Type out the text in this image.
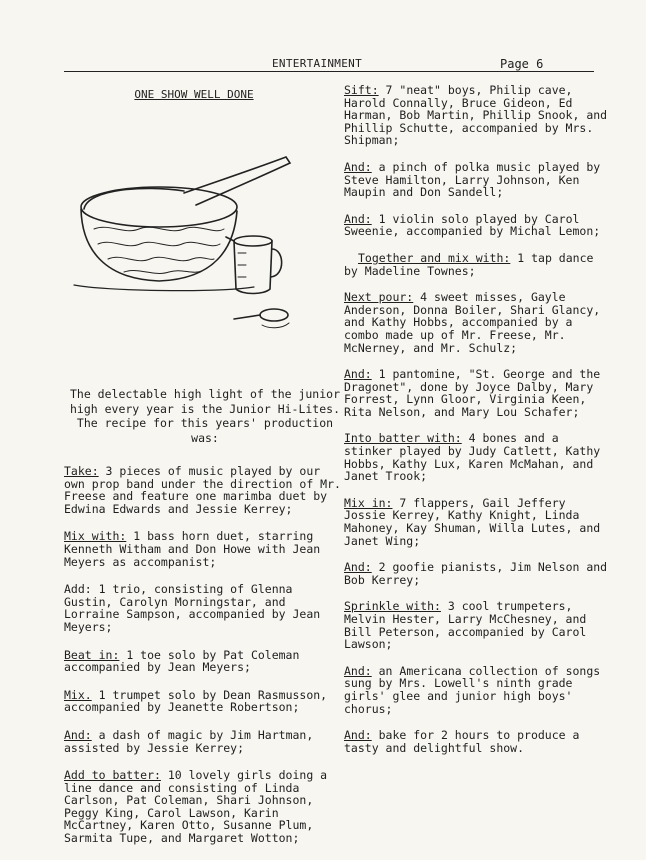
ENTERTAINMENT	Page 6
ONE SHOW WELL DONE
The delectable high light of the junior high every year is the Junior Hi-Lites. The recipe for this years' production was:

Take: 3 pieces of music played by our own prop band under the direction of Mr. Freese and feature one marimba duet by Edwina Edwards and Jessie Kerrey;

Mix with: 1 bass horn duet, starring Kenneth Witham and Don Howe with Jean Meyers as accompanist;

Add: 1 trio, consisting of Glenna Gustin, Carolyn Morningstar, and Lorraine Sampson, accompanied by Jean Meyers;

Beat in: 1 toe solo by Pat Coleman accompanied by Jean Meyers;

Mix. 1 trumpet solo by Dean Rasmusson, accompanied by Jeanette Robertson;

And: a dash of magic by Jim Hartman, assisted by Jessie Kerrey;

Add to batter: 10 lovely girls doing a line dance and consisting of Linda Carlson, Pat Coleman, Shari Johnson, Peggy King, Carol Lawson, Karin McCartney, Karen Otto, Susanne Plum, Sarmita Tupe, and Margaret Wotton;

Sift: 7 "neat" boys, Philip cave, Harold Connally, Bruce Gideon, Ed Harman, Bob Martin, Phillip Snook, and Phillip Schutte, accompanied by Mrs. Shipman;

And: a pinch of polka music played by Steve Hamilton, Larry Johnson, Ken Maupin and Don Sandell;

And: 1 violin solo played by Carol Sweenie, accompanied by Michal Lemon;

Together and mix with: 1 tap dance by Madeline Townes;

Next pour: 4 sweet misses, Gayle Anderson, Donna Boiler, Shari Glancy, and Kathy Hobbs, accompanied by a combo made up of Mr. Freese, Mr. McNerney, and Mr. Schulz;

And: 1 pantomine, "St. George and the Dragonet", done by Joyce Dalby, Mary Forrest, Lynn Gloor, Virginia Keen, Rita Nelson, and Mary Lou Schafer;

Into batter with: 4 bones and a stinker played by Judy Catlett, Kathy Hobbs, Kathy Lux, Karen McMahan, and Janet Trook;

Mix in: 7 flappers, Gail Jeffery Jossie Kerrey, Kathy Knight, Linda Mahoney, Kay Shuman, Willa Lutes, and Janet Wing;

And: 2 goofie pianists, Jim Nelson and Bob Kerrey;

Sprinkle with: 3 cool trumpeters, Melvin Hester, Larry McChesney, and Bill Peterson, accompanied by Carol Lawson;

And: an Americana collection of songs sung by Mrs. Lowell's ninth grade girls' glee and junior high boys' chorus;

And: bake for 2 hours to produce a tasty and delightful show.
